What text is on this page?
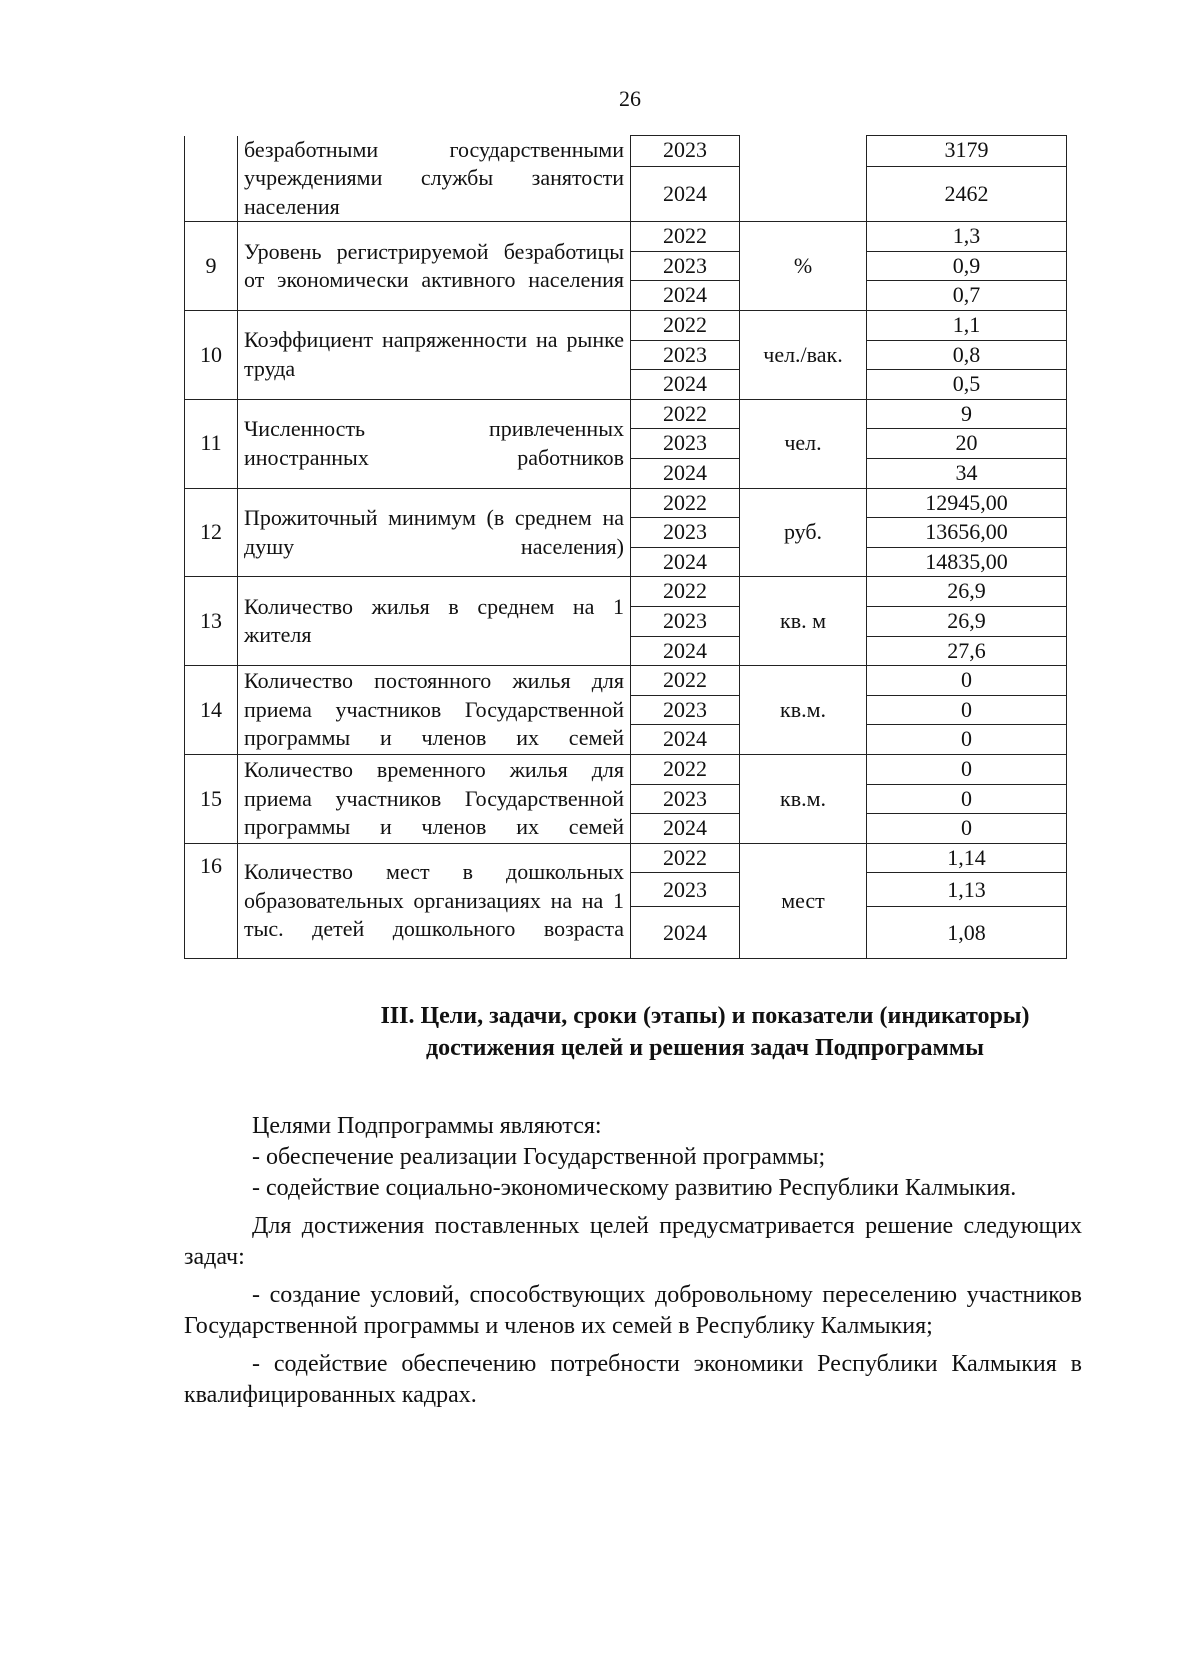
26
	безработными государственными учреждениями службы занятости населения	2023		3179
		2024		2462
9	Уровень регистрируемой безработицы от экономически активного населения	2022	%	1,3
		2023		0,9
		2024		0,7
10	Коэффициент напряженности на рынке труда	2022	чел./вак.	1,1
		2023		0,8
		2024		0,5
11	Численность привлеченных иностранных работников	2022	чел.	9
		2023		20
		2024		34
12	Прожиточный минимум (в среднем на душу населения)	2022	руб.	12945,00
		2023		13656,00
		2024		14835,00
13	Количество жилья в среднем на 1 жителя	2022	кв. м	26,9
		2023		26,9
		2024		27,6
14	Количество постоянного жилья для приема участников Государственной программы и членов их семей	2022	кв.м.	0
		2023		0
		2024		0
15	Количество временного жилья для приема участников Государственной программы и членов их семей	2022	кв.м.	0
		2023		0
		2024		0
16	Количество мест в дошкольных образовательных организациях на на 1 тыс. детей дошкольного возраста	2022	мест	1,14
		2023		1,13
		2024		1,08
III. Цели, задачи, сроки (этапы) и показатели (индикаторы)
достижения целей и решения задач Подпрограммы

Целями Подпрограммы являются:

- обеспечение реализации Государственной программы;

- содействие социально-экономическому развитию Республики Калмыкия.

Для достижения поставленных целей предусматривается решение следующих задач:

- создание условий, способствующих добровольному переселению участников Государственной программы и членов их семей в Республику Калмыкия;

- содействие обеспечению потребности экономики Республики Калмыкия в квалифицированных кадрах.
